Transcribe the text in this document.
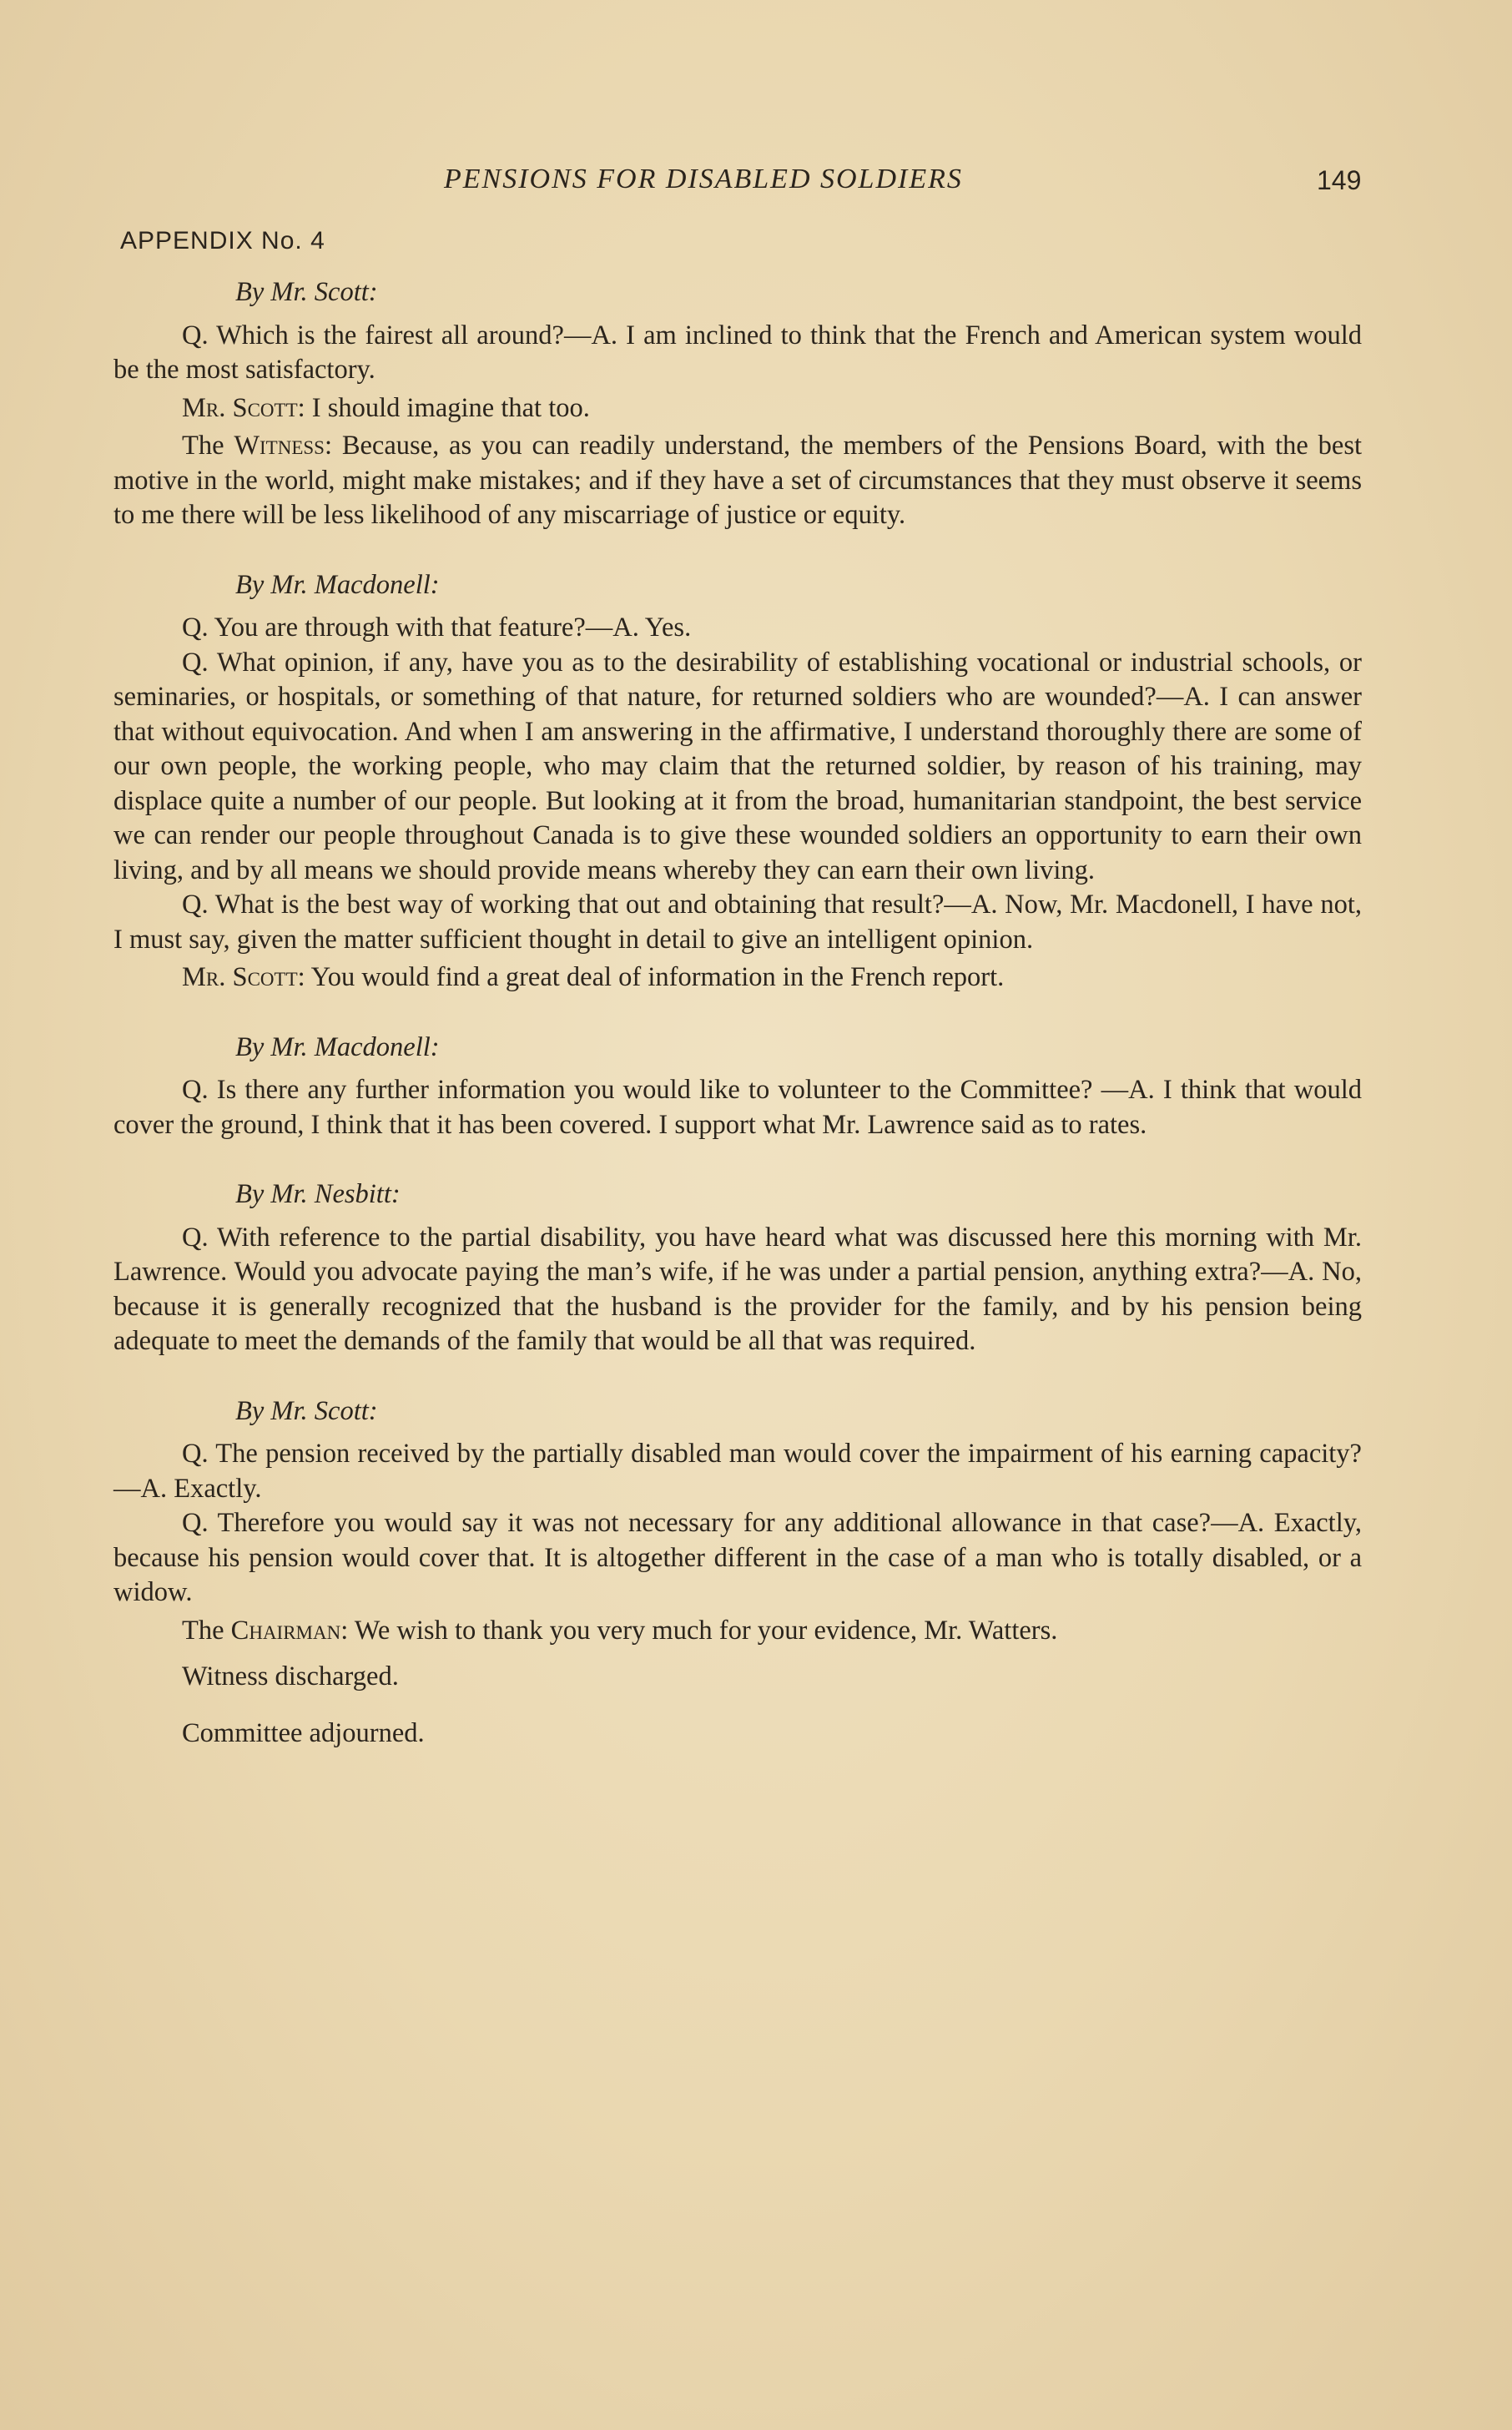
PENSIONS FOR DISABLED SOLDIERS	149
APPENDIX No. 4

By Mr. Scott:

Q. Which is the fairest all around?—A. I am inclined to think that the French and American system would be the most satisfactory.

Mr. Scott: I should imagine that too.

The Witness: Because, as you can readily understand, the members of the Pensions Board, with the best motive in the world, might make mistakes; and if they have a set of circumstances that they must observe it seems to me there will be less likelihood of any miscarriage of justice or equity.

By Mr. Macdonell:

Q. You are through with that feature?—A. Yes.

Q. What opinion, if any, have you as to the desirability of establishing vocational or industrial schools, or seminaries, or hospitals, or something of that nature, for returned soldiers who are wounded?—A. I can answer that without equivocation. And when I am answering in the affirmative, I understand thoroughly there are some of our own people, the working people, who may claim that the returned soldier, by reason of his training, may displace quite a number of our people. But looking at it from the broad, humanitarian standpoint, the best service we can render our people throughout Canada is to give these wounded soldiers an opportunity to earn their own living, and by all means we should provide means whereby they can earn their own living.

Q. What is the best way of working that out and obtaining that result?—A. Now, Mr. Macdonell, I have not, I must say, given the matter sufficient thought in detail to give an intelligent opinion.

Mr. Scott: You would find a great deal of information in the French report.

By Mr. Macdonell:

Q. Is there any further information you would like to volunteer to the Committee? —A. I think that would cover the ground, I think that it has been covered. I support what Mr. Lawrence said as to rates.

By Mr. Nesbitt:

Q. With reference to the partial disability, you have heard what was discussed here this morning with Mr. Lawrence. Would you advocate paying the man’s wife, if he was under a partial pension, anything extra?—A. No, because it is generally recognized that the husband is the provider for the family, and by his pension being adequate to meet the demands of the family that would be all that was required.

By Mr. Scott:

Q. The pension received by the partially disabled man would cover the impairment of his earning capacity?—A. Exactly.

Q. Therefore you would say it was not necessary for any additional allowance in that case?—A. Exactly, because his pension would cover that. It is altogether different in the case of a man who is totally disabled, or a widow.

The Chairman: We wish to thank you very much for your evidence, Mr. Watters.

Witness discharged.

Committee adjourned.
